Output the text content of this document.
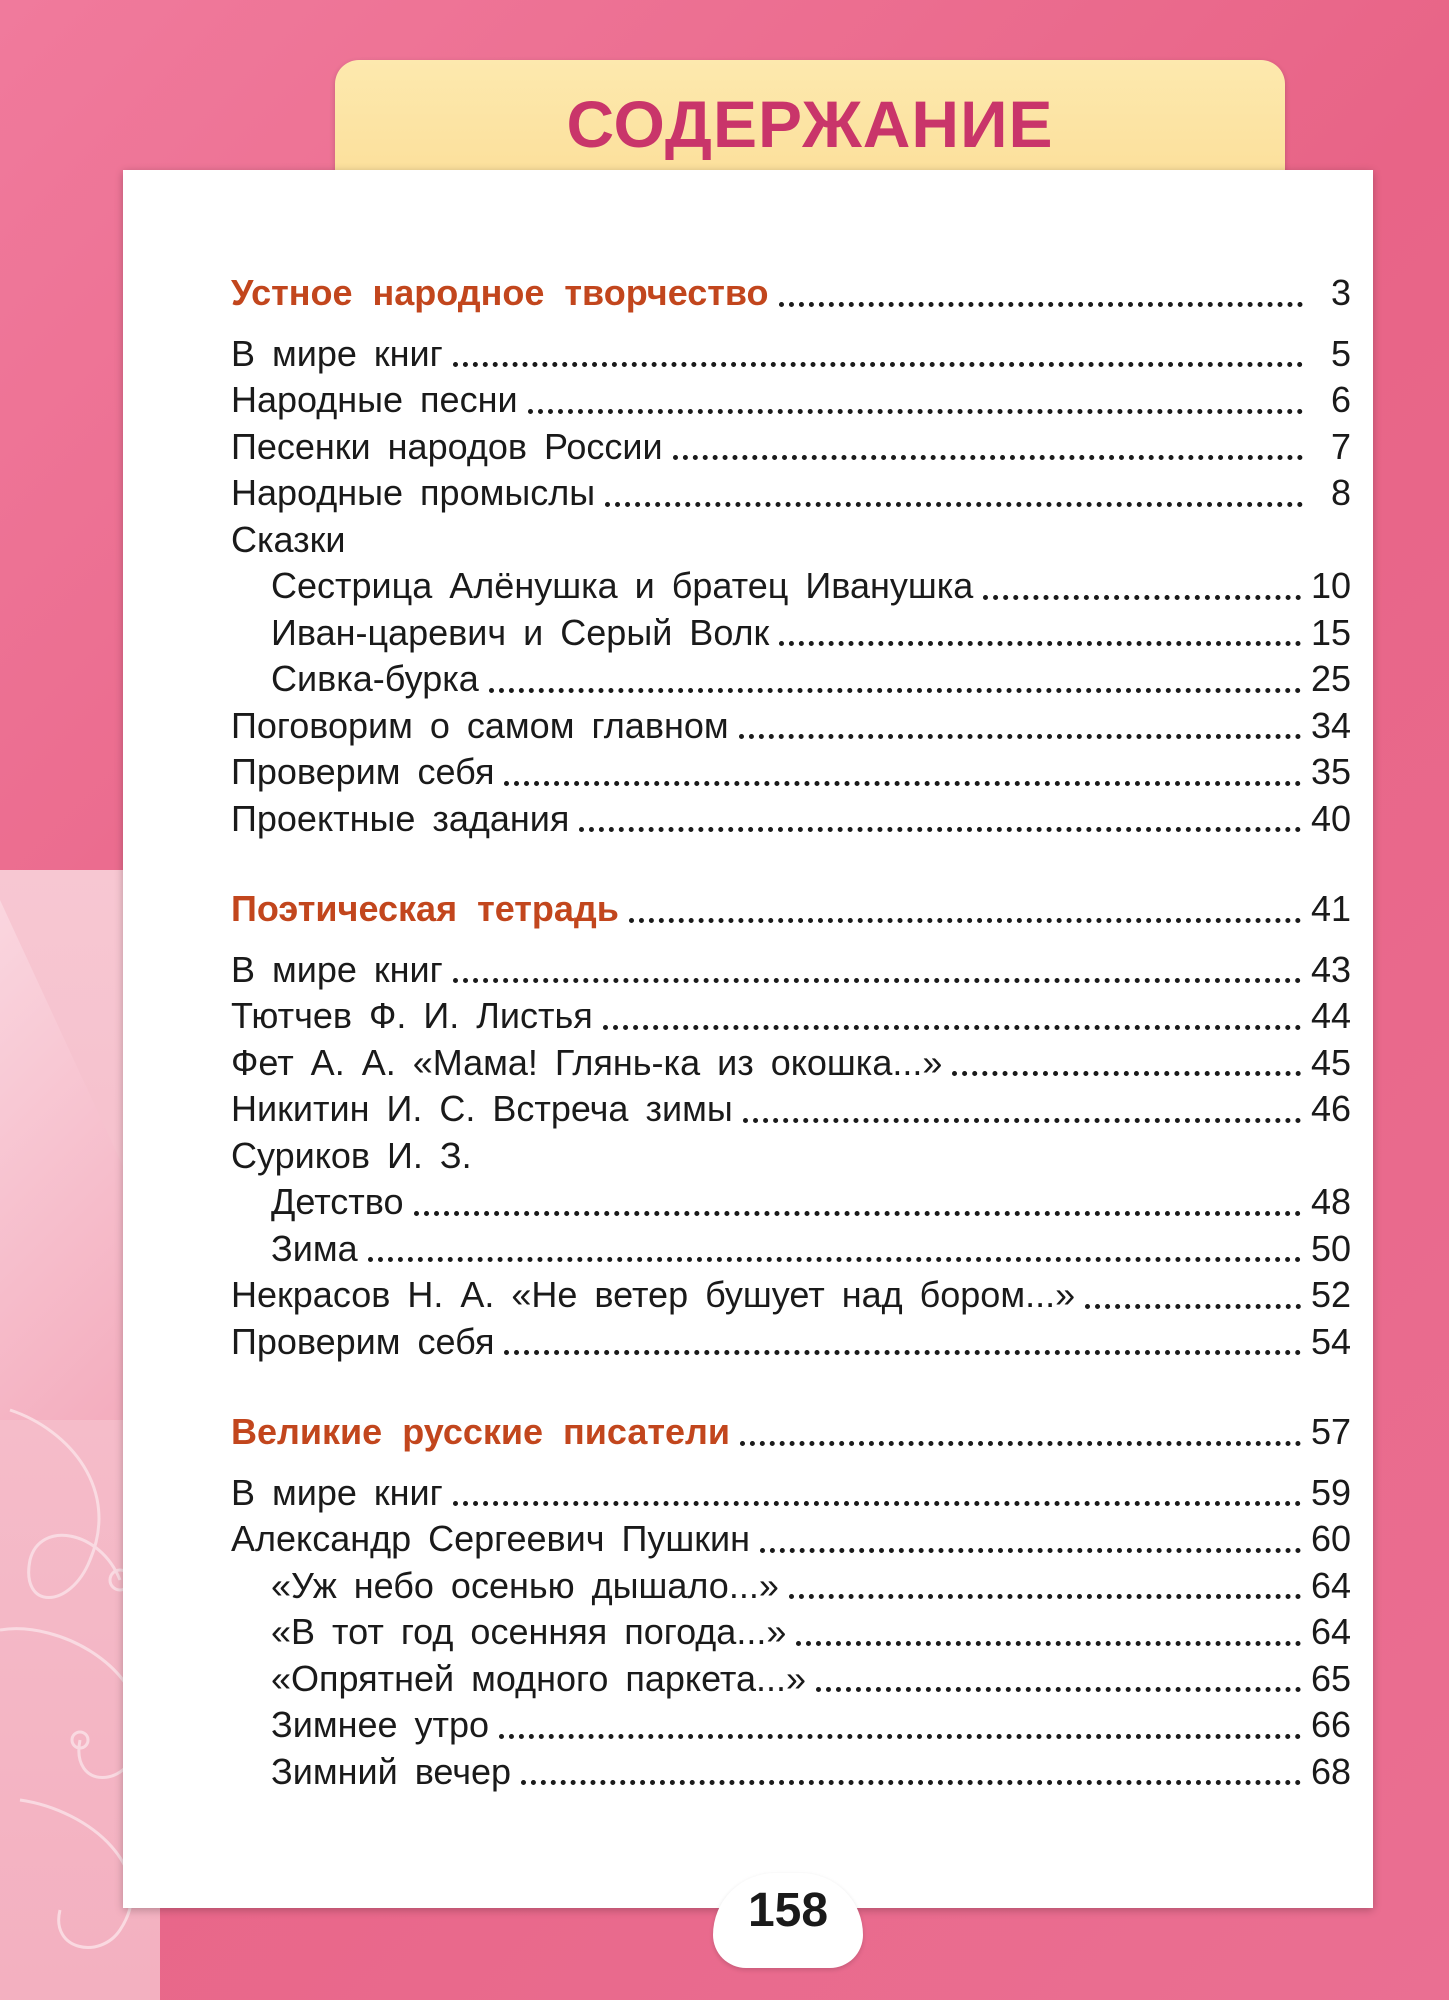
СОДЕРЖАНИЕ
Устное народное творчество	3
В мире книг	5
Народные песни	6
Песенки народов России	7
Народные промыслы	8
Сказки
Сестрица Алёнушка и братец Иванушка	10
Иван-царевич и Серый Волк	15
Сивка-бурка	25
Поговорим о самом главном	34
Проверим себя	35
Проектные задания	40
Поэтическая тетрадь	41
В мире книг	43
Тютчев Ф. И. Листья	44
Фет А. А. «Мама! Глянь-ка из окошка...»	45
Никитин И. С. Встреча зимы	46
Суриков И. З.
Детство	48
Зима	50
Некрасов Н. А. «Не ветер бушует над бором...»	52
Проверим себя	54
Великие русские писатели	57
В мире книг	59
Александр Сергеевич Пушкин	60
«Уж небо осенью дышало...»	64
«В тот год осенняя погода...»	64
«Опрятней модного паркета...»	65
Зимнее утро	66
Зимний вечер	68
158
